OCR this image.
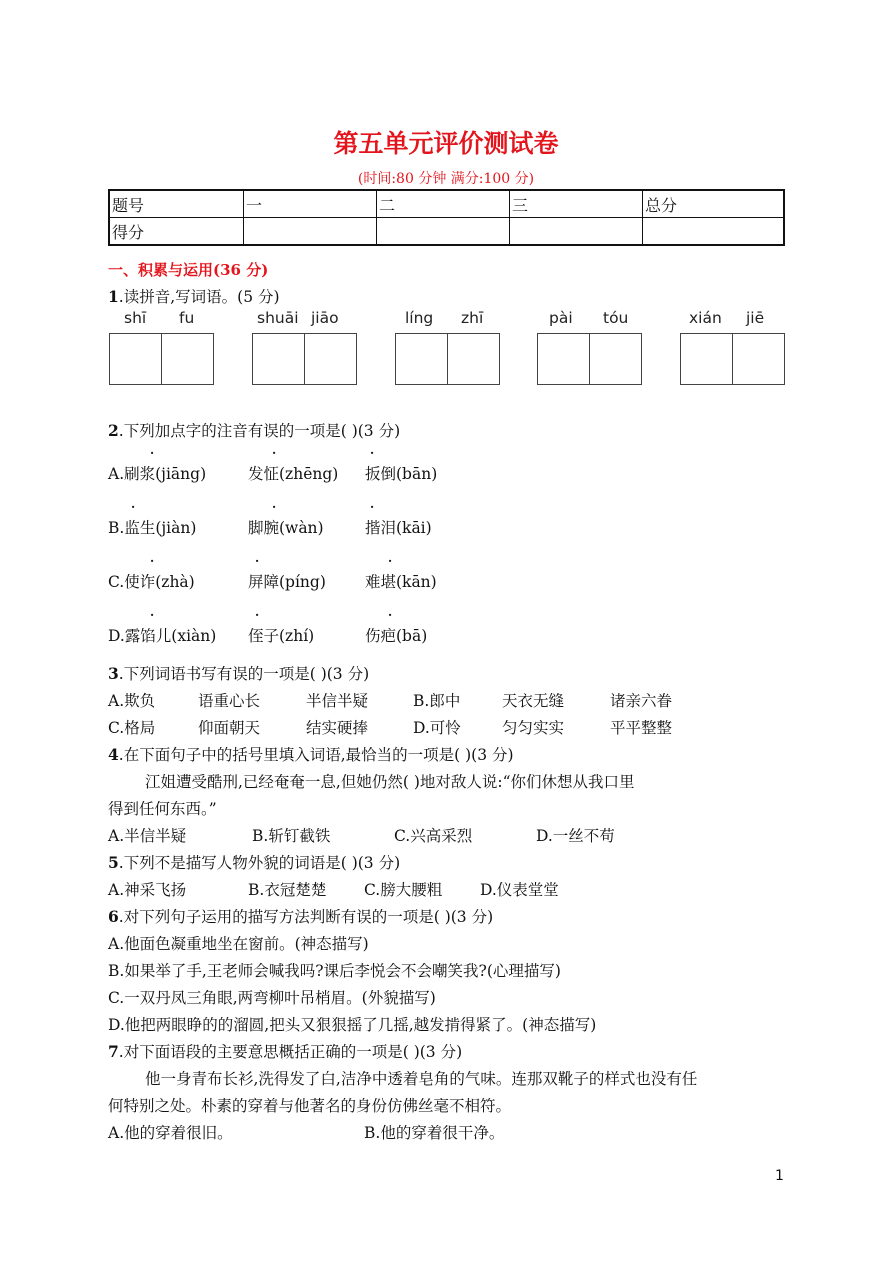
第五单元评价测试卷
(时间:80 分钟 满分:100 分)
题号	一	二	三	总分
得分				
一、积累与运用(36 分)
1.读拼音,写词语。(5 分)
shī fu	shuāi jiāo	líng zhī	pài tóu	xián jiē
2.下列加点字的注音有误的一项是( )(3 分)
A.刷浆(jiāng)	发怔(zhēng) 扳倒(bān)
B.监生(jiàn)	脚腕(wàn)	揩泪(kāi)
C.使诈(zhà)	屏障(píng)	难堪(kān)
D.露馅儿(xiàn) 侄子(zhí)	伤疤(bā)
·	·	·
·	·	·
·	·	·
·	·	·
3.下列词语书写有误的一项是( )(3 分)
A.欺负	语重心长	半信半疑	B.郎中	天衣无缝	诸亲六眷
C.格局	仰面朝天	结实硬捧	D.可怜	匀匀实实	平平整整
4.在下面句子中的括号里填入词语,最恰当的一项是( )(3 分)
江姐遭受酷刑,已经奄奄一息,但她仍然( )地对敌人说:“你们休想从我口里
得到任何东西。”
A.半信半疑	B.斩钉截铁	C.兴高采烈	D.一丝不苟
5.下列不是描写人物外貌的词语是( )(3 分)
A.神采飞扬	B.衣冠楚楚 C.膀大腰粗 D.仪表堂堂
6.对下列句子运用的描写方法判断有误的一项是( )(3 分)
A.他面色凝重地坐在窗前。(神态描写)
B.如果举了手,王老师会喊我吗?课后李悦会不会嘲笑我?(心理描写)
C.一双丹凤三角眼,两弯柳叶吊梢眉。(外貌描写)
D.他把两眼睁的的溜圆,把头又狠狠摇了几摇,越发掯得紧了。(神态描写)
7.对下面语段的主要意思概括正确的一项是( )(3 分)
他一身青布长衫,洗得发了白,洁净中透着皂角的气味。连那双靴子的样式也没有任
何特别之处。朴素的穿着与他著名的身份仿佛丝毫不相符。
A.他的穿着很旧。	B.他的穿着很干净。
1
